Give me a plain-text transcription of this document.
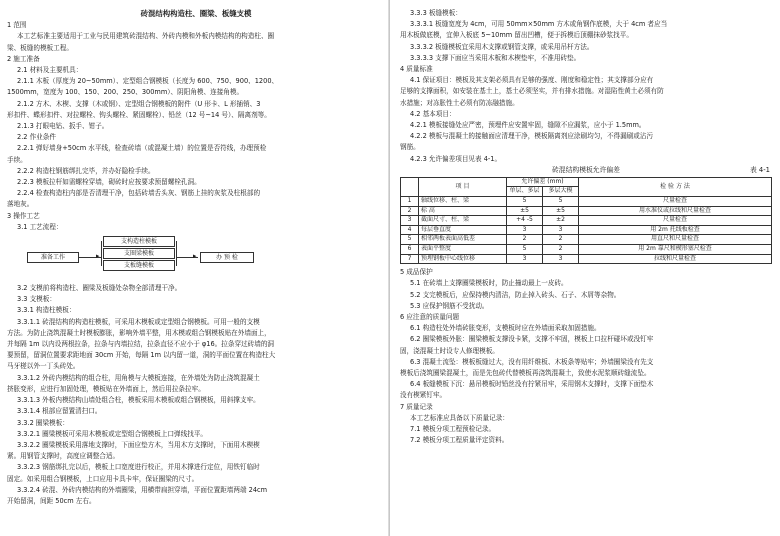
砖混结构构造柱、圈梁、板缝支模
1 范围
本工艺标准主要适用于工业与民用建筑砖混结构、外砖内模和外板内模结构的构造柱、圈
梁、板缝的模板工程。
2 施工准备
2.1 材料及主要机具：
2.1.1 木板（厚度为 20~50mm）、定型组合钢模板（长度为 600、750、900、1200、
1500mm，宽度为 100、150、200、250、300mm）、阴阳角模、连接角模。
2.1.2 方木、木楔、支撑（木或钢）、定型组合钢模板的附件（U 形卡、L 形插销、3
形扣件、蝶形扣件、对拉螺栓、钩头螺栓、紧固螺栓）、铅丝（12 号~14 号）、隔离剂等。
2.1.3 打眼电钻、扳手、钳子。
2.2 作业条件
2.2.1 弹好墙身+50cm 水平线，检查砖墙（或混凝土墙）的位置是否符线，办理预检
手续。
2.2.2 构造柱钢筋绑扎完毕，并办好隐检手续。
2.2.3 模板拉杆如需螺栓穿墙，砌砖时应按要求预留螺栓孔洞。
2.2.4 检查构造柱内部是否清理干净，包括砖墙舌头灰、钢筋上挂的灰浆及柱根部的
落地灰。
3 操作工艺
3.1 工艺流程：
准备工作	▸
支构造柱模板
支圈梁模板
支板缝模板
▸	办 预 检
3.2 支模前将构造柱、圈梁及板缝处杂物全部清理干净。
3.3 支模板：
3.3.1 构造柱模板：
3.3.1.1 砖混结构的构造柱模板，可采用木模板或定型组合钢模板。可用一般的支模
方法。为防止浇筑混凝土时模板膨胀，影响外墙平整，用木模或组合钢模板贴在外墙面上，
并每隔 1m 以内设两根拉条，拉条与内墙拉结，拉条直径不应小于 φ16。拉条穿过砖墙的洞
要预留，留洞位置要求距地面 30cm 开始，每隔 1m 以内留一道，洞的平面位置在构造柱大
马牙槎以外一丁头砖处。
3.3.1.2 外砖内模结构的组合柱，用角模与大模板连接，在外墙处为防止浇筑混凝土
挤胀变形，应进行加固处理，模板贴在外墙面上，然后用拉条拉牢。
3.3.1.3 外板内模结构山墙处组合柱，模板采用木模板或组合钢模板，用斜撑支牢。
3.3.1.4 根部应留置清扫口。
3.3.2 圈梁模板：
3.3.2.1 圈梁模板可采用木模板或定型组合钢模板上口弹线找平。
3.3.2.2 圈梁模板采用落地支撑时，下面应垫方木，当用木方支撑时，下面用木楔楔
紧。用钢管支撑时，高度应调整合适。
3.3.2.3 钢筋绑扎完以后，模板上口宽度进行校正，并用木撑进行定位，用铁钉临时
固定。如采用组合钢模板，上口应用卡具卡牢，保证圈梁的尺寸。
3.3.2.4 砖混、外砖内模结构的外墙圈梁，用横带扁担穿墙，平面位置距墙两端 24cm
开始留洞，间距 50cm 左右。
3.3.3 板缝模板：
3.3.3.1 板缝宽度为 4cm，可用 50mm×50mm 方木或角钢作底模，大于 4cm 者应当
用木板做底模，宜伸入板底 5~10mm 留出凹槽，便于拆模后顶棚抹砂浆找平。
3.3.3.2 板缝模板宜采用木支撑或钢管支撑，或采用吊杆方法。
3.3.3.3 支撑下面应当采用木板和木楔垫牢，不准用砖垫。
4 质量标准
4.1 保证项目：模板及其支架必须具有足够的强度、刚度和稳定性；其支撑部分应有
足够的支撑面积，如安装在基土上，基土必须坚实，并有排水措施。对湿陷性黄土必须有防
水措施；对冻胀性土必须有防冻融措施。
4.2 基本项目：
4.2.1 模板接缝处应严密，预埋件应安置牢固，缝隙不应漏浆，应小于 1.5mm。
4.2.2 模板与混凝土的接触面应清理干净，模板隔离剂应涂刷均匀，不得漏刷或沾污
钢筋。
4.2.3 允许偏差项目见表 4-1。
砖混结构模板允许偏差	表 4-1
	项 目	允许偏差 (mm)		检 验 方 法
		单层、多层	多层大模	
1	轴线位移、柱、梁	5	5	尺量检查
2	标 高	±5	±5	用水准仪或拉线和尺量检查
3	截面尺寸、柱、梁	+4 -5	±2	尺量检查
4	每层垂直度	3	3	用 2m 托线板检查
5	相邻两板表面高低差	2	2	用直尺和尺量检查
6	表面平整度	5	2	用 2m 靠尺和楔形塞尺检查
7	预埋钢板中心线位移	3	3	拉线和尺量检查
5 成品保护
5.1 在砖墙上支撑圈梁模板时，防止撞动最上一皮砖。
5.2 支完模板后，应保持模内清洁，防止掉入砖头、石子、木屑等杂物。
5.3 应保护钢筋不受扰动。
6 应注意的质量问题
6.1 构造柱处外墙砖胀变形，支模板时应在外墙面采取加固措施。
6.2 圈梁模板外胀：圈梁模板支撑没卡紧，支撑不牢固，模板上口拉杆碰坏或没钉牢
固，浇混凝土时设专人修理模板。
6.3 混凝土流坠：模板板缝过大，没有用纤维板、木板条等贴牢；外墙圈梁没有先支
模板后浇筑圈梁混凝土，而是先包砖代替模板再浇筑混凝土，致使水泥浆顺砖缝流坠。
6.4 板缝模板下沉：悬吊模板时铅丝没有拧紧吊牢，采用钢木支撑时，支撑下面垫木
没有楔紧钉牢。
7 质量记录
本工艺标准应具备以下质量记录：
7.1 模板分项工程预检记录。
7.2 模板分项工程质量评定资料。
